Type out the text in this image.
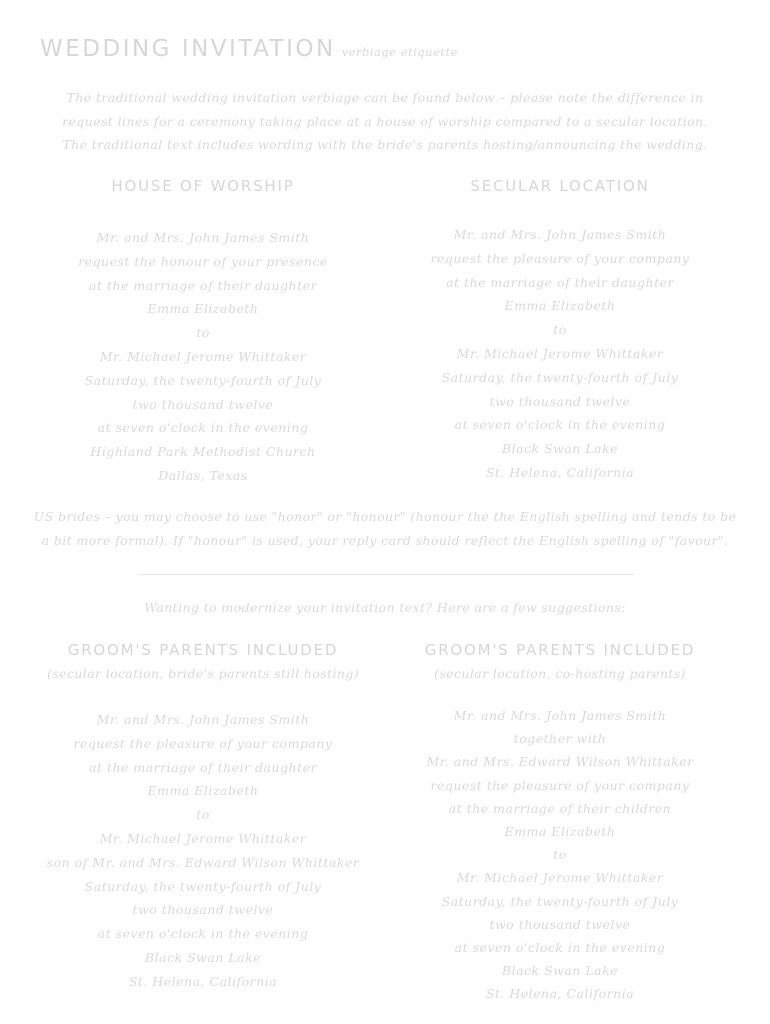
WEDDING INVITATION verbiage etiquette
The traditional wedding invitation verbiage can be found below – please note the difference in request lines for a ceremony taking place at a house of worship compared to a secular location. The traditional text includes wording with the bride's parents hosting/announcing the wedding.
HOUSE OF WORSHIP	SECULAR LOCATION
Mr. and Mrs. John James Smith
request the honour of your presence
at the marriage of their daughter
Emma Elizabeth
to
Mr. Michael Jerome Whittaker
Saturday, the twenty-fourth of July
two thousand twelve
at seven o'clock in the evening
Highland Park Methodist Church
Dallas, Texas
Mr. and Mrs. John James Smith
request the pleasure of your company
at the marriage of their daughter
Emma Elizabeth
to
Mr. Michael Jerome Whittaker
Saturday, the twenty-fourth of July
two thousand twelve
at seven o'clock in the evening
Black Swan Lake
St. Helena, California
US brides – you may choose to use "honor" or "honour" (honour the the English spelling and tends to be a bit more formal). If "honour" is used, your reply card should reflect the English spelling of "favour".
Wanting to modernize your invitation text? Here are a few suggestions:
GROOM'S PARENTS INCLUDED
(secular location, bride's parents still hosting)
GROOM'S PARENTS INCLUDED
(secular location, co-hosting parents)
Mr. and Mrs. John James Smith
request the pleasure of your company
at the marriage of their daughter
Emma Elizabeth
to
Mr. Michael Jerome Whittaker
son of Mr. and Mrs. Edward Wilson Whittaker
Saturday, the twenty-fourth of July
two thousand twelve
at seven o'clock in the evening
Black Swan Lake
St. Helena, California
Mr. and Mrs. John James Smith
together with
Mr. and Mrs. Edward Wilson Whittaker
request the pleasure of your company
at the marriage of their children
Emma Elizabeth
to
Mr. Michael Jerome Whittaker
Saturday, the twenty-fourth of July
two thousand twelve
at seven o'clock in the evening
Black Swan Lake
St. Helena, California
